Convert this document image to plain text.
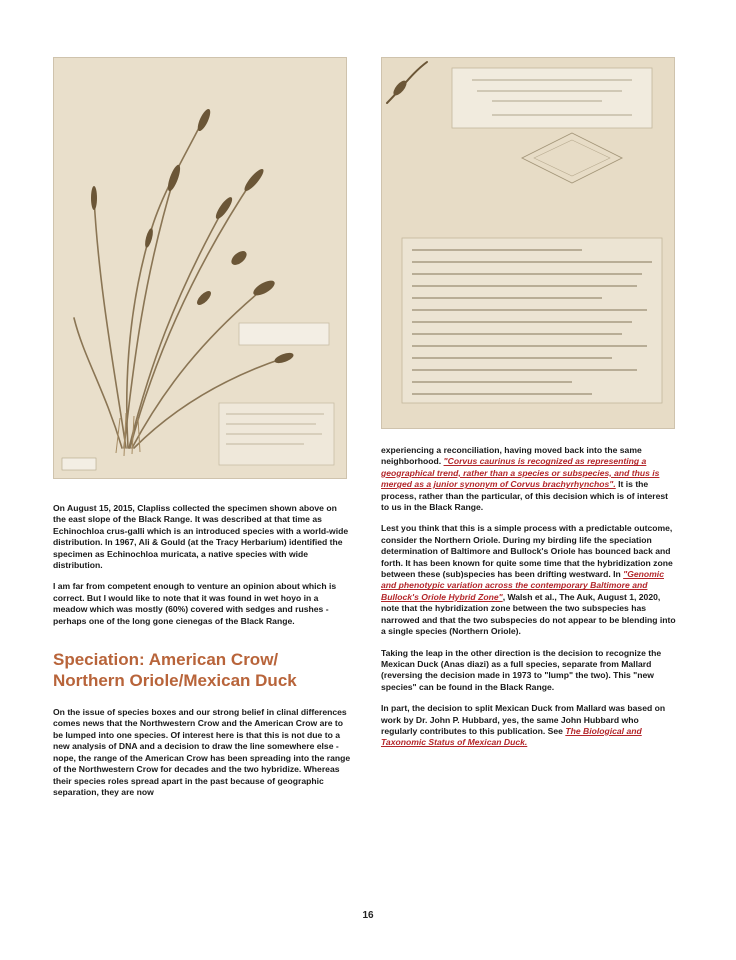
On August 15, 2015, Clapliss collected the specimen shown above on the east slope of the Black Range. It was described at that time as Echinochloa crus-galli which is an introduced species with a world-wide distribution. In 1967, Ali & Gould (at the Tracy Herbarium) identified the specimen as Echinochloa muricata, a native species with wide distribution.

I am far from competent enough to venture an opinion about which is correct. But I would like to note that it was found in wet hoyo in a meadow which was mostly (60%) covered with sedges and rushes - perhaps one of the long gone cienegas of the Black Range.

Speciation: American Crow/
Northern Oriole/Mexican Duck

On the issue of species boxes and our strong belief in clinal differences comes news that the Northwestern Crow and the American Crow are to be lumped into one species. Of interest here is that this is not due to a new analysis of DNA and a decision to draw the line somewhere else - nope, the range of the American Crow has been spreading into the range of the Northwestern Crow for decades and the two hybridize. Whereas their species roles spread apart in the past because of geographic separation, they are now

experiencing a reconciliation, having moved back into the same neighborhood. "Corvus caurinus is recognized as representing a geographical trend, rather than a species or subspecies, and thus is merged as a junior synonym of Corvus brachyrhynchos". It is the process, rather than the particular, of this decision which is of interest to us in the Black Range.

Lest you think that this is a simple process with a predictable outcome, consider the Northern Oriole. During my birding life the speciation determination of Baltimore and Bullock's Oriole has bounced back and forth. It has been known for quite some time that the hybridization zone between these (sub)species has been drifting westward. In "Genomic and phenotypic variation across the contemporary Baltimore and Bullock's Oriole Hybrid Zone", Walsh et al., The Auk, August 1, 2020, note that the hybridization zone between the two subspecies has narrowed and that the two subspecies do not appear to be blending into a single species (Northern Oriole).

Taking the leap in the other direction is the decision to recognize the Mexican Duck (Anas diazi) as a full species, separate from Mallard (reversing the decision made in 1973 to "lump" the two). This "new species" can be found in the Black Range.

In part, the decision to split Mexican Duck from Mallard was based on work by Dr. John P. Hubbard, yes, the same John Hubbard who regularly contributes to this publication. See The Biological and Taxonomic Status of Mexican Duck.

16
